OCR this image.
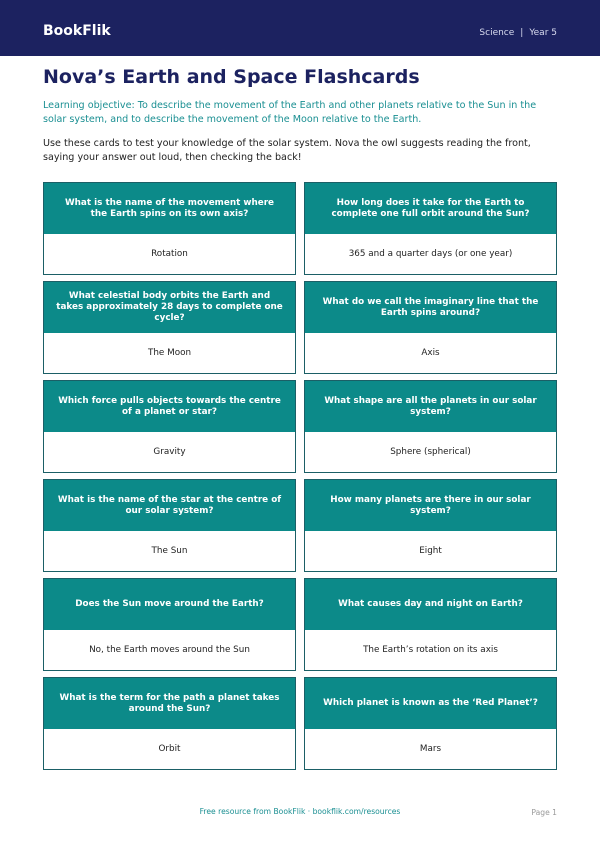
BookFlik	Science | Year 5
Nova’s Earth and Space Flashcards

Learning objective: To describe the movement of the Earth and other planets relative to the Sun in the solar system, and to describe the movement of the Moon relative to the Earth.

Use these cards to test your knowledge of the solar system. Nova the owl suggests reading the front, saying your answer out loud, then checking the back!

What is the name of the movement where the Earth spins on its own axis?
Rotation
How long does it take for the Earth to complete one full orbit around the Sun?
365 and a quarter days (or one year)
What celestial body orbits the Earth and takes approximately 28 days to complete one cycle?
The Moon
What do we call the imaginary line that the Earth spins around?
Axis
Which force pulls objects towards the centre of a planet or star?
Gravity
What shape are all the planets in our solar system?
Sphere (spherical)
What is the name of the star at the centre of our solar system?
The Sun
How many planets are there in our solar system?
Eight
Does the Sun move around the Earth?
No, the Earth moves around the Sun
What causes day and night on Earth?
The Earth’s rotation on its axis
What is the term for the path a planet takes around the Sun?
Orbit
Which planet is known as the ‘Red Planet’?
Mars
Free resource from BookFlik · bookflik.com/resources	Page 1
